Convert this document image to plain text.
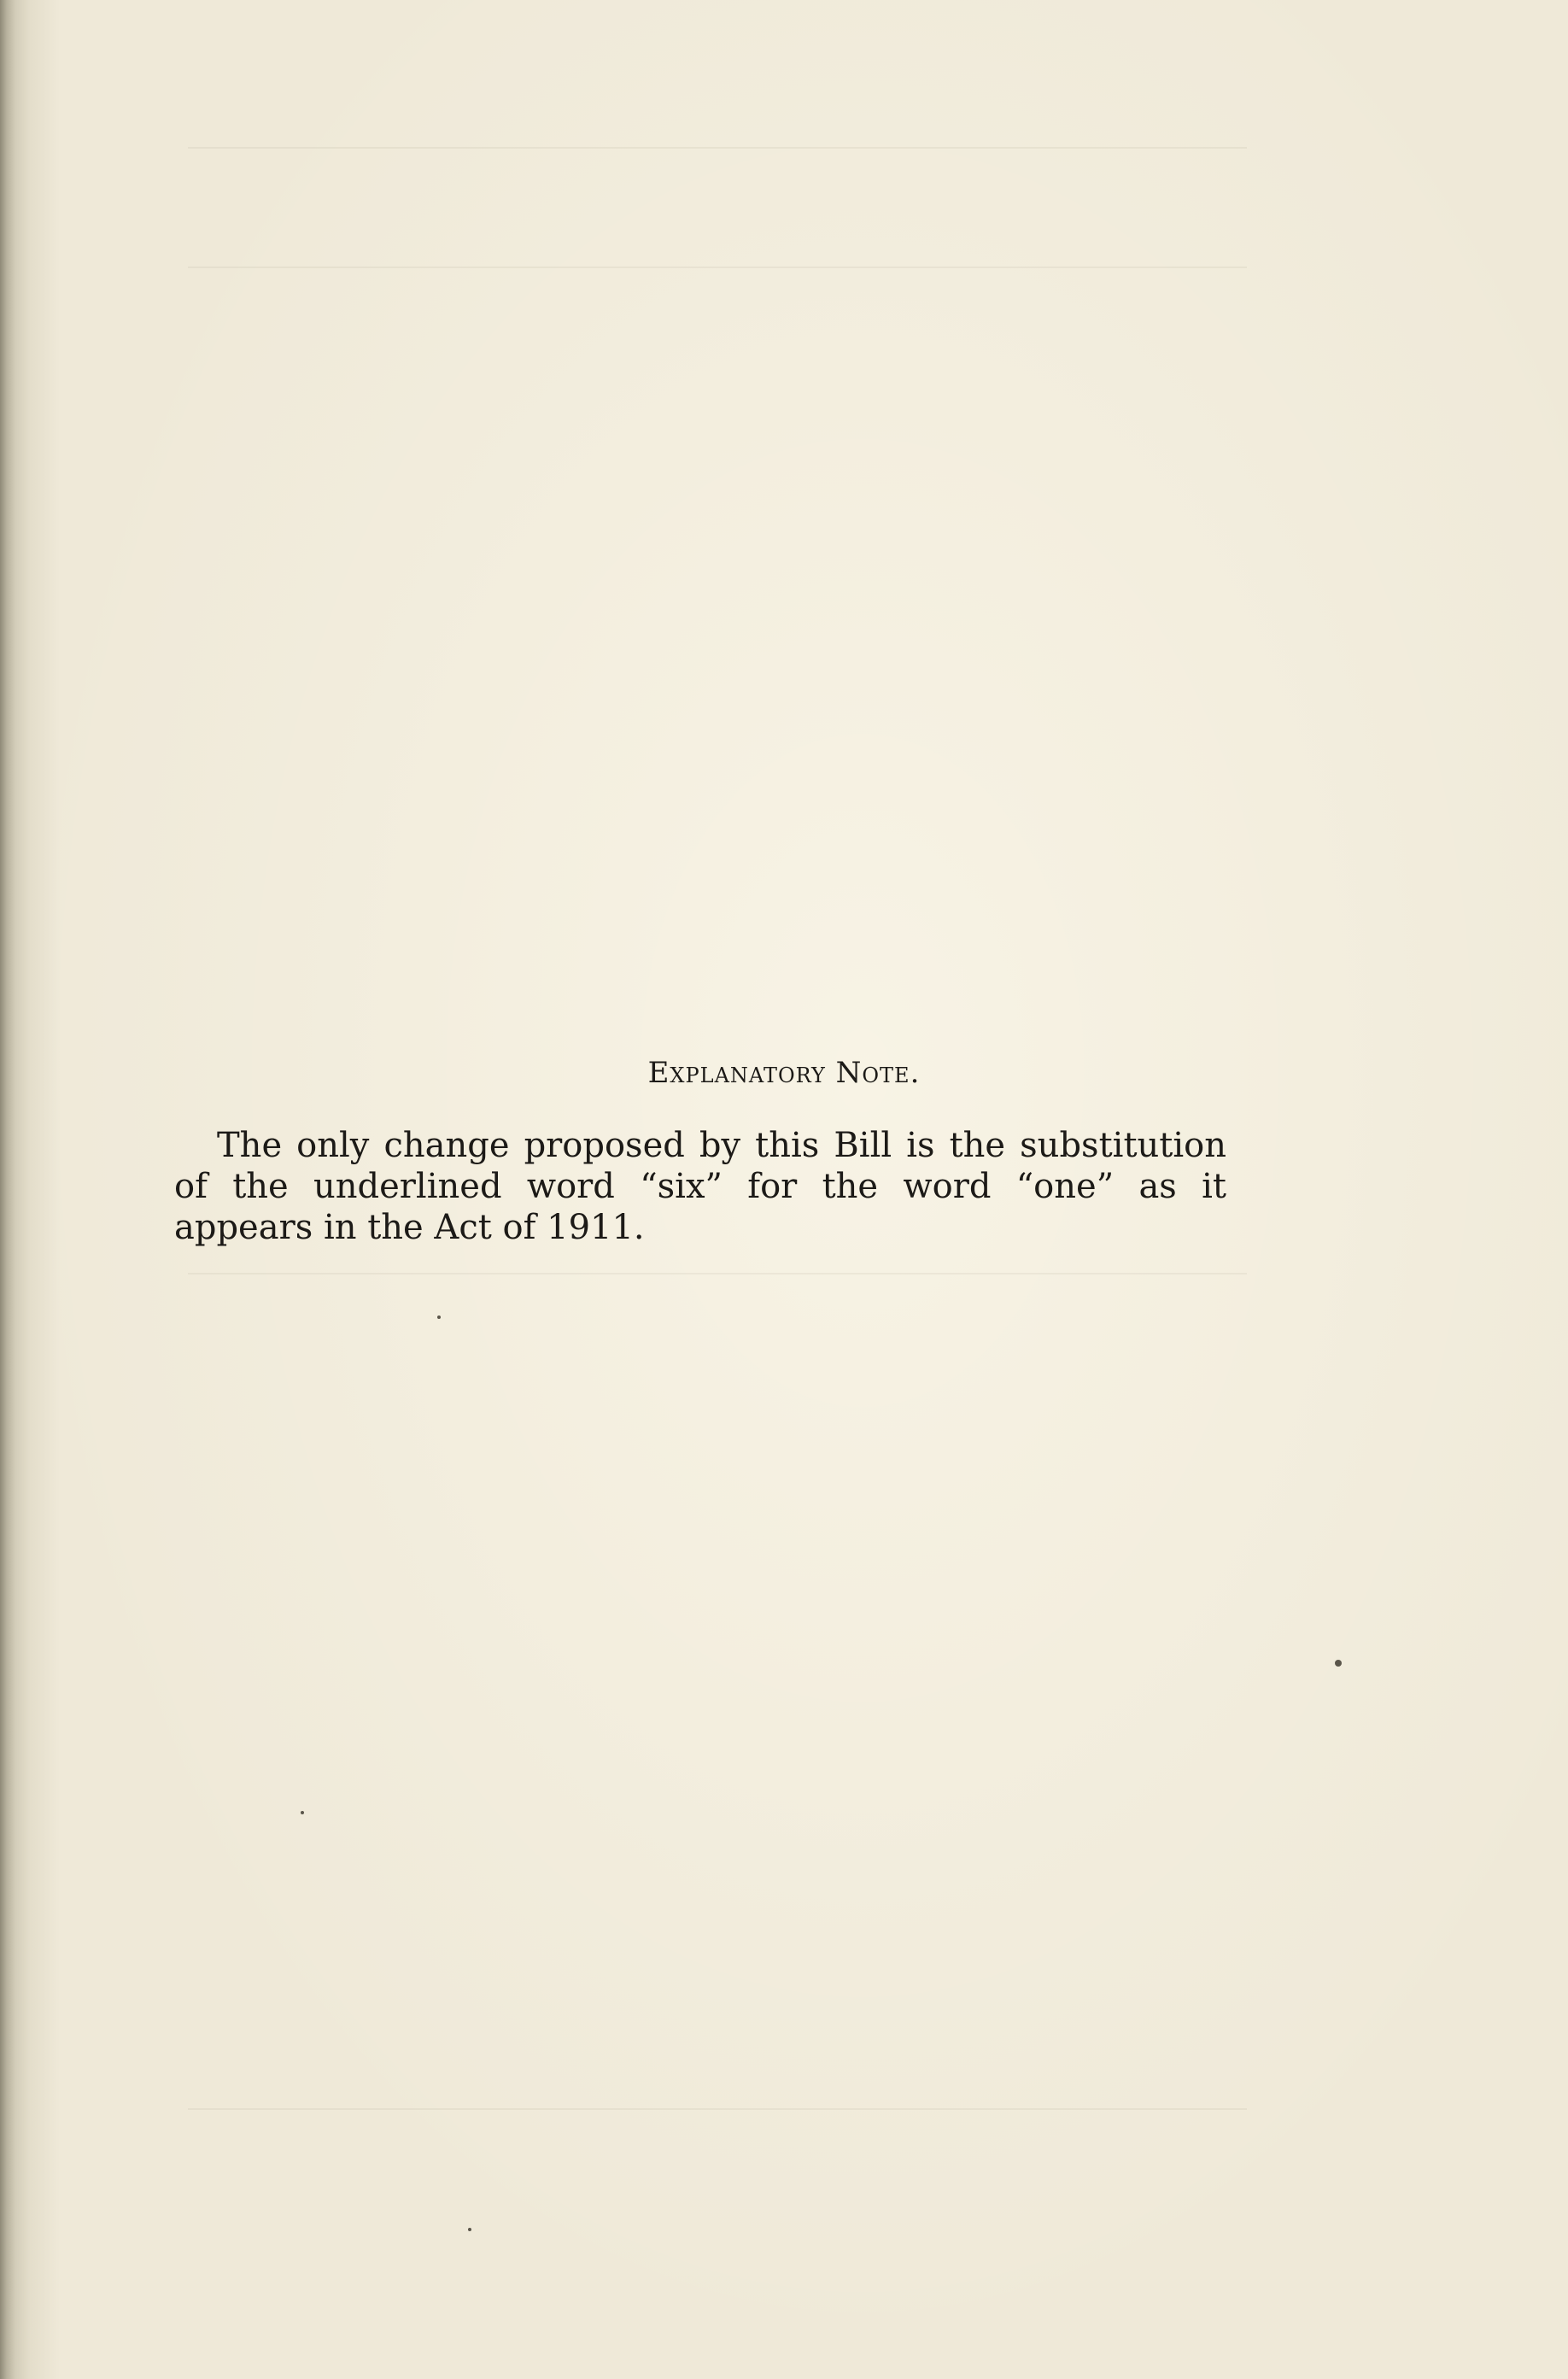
Explanatory Note.
The only change proposed by this Bill is the substitution
of the underlined word “six” for the word “one” as it
appears in the Act of 1911.
